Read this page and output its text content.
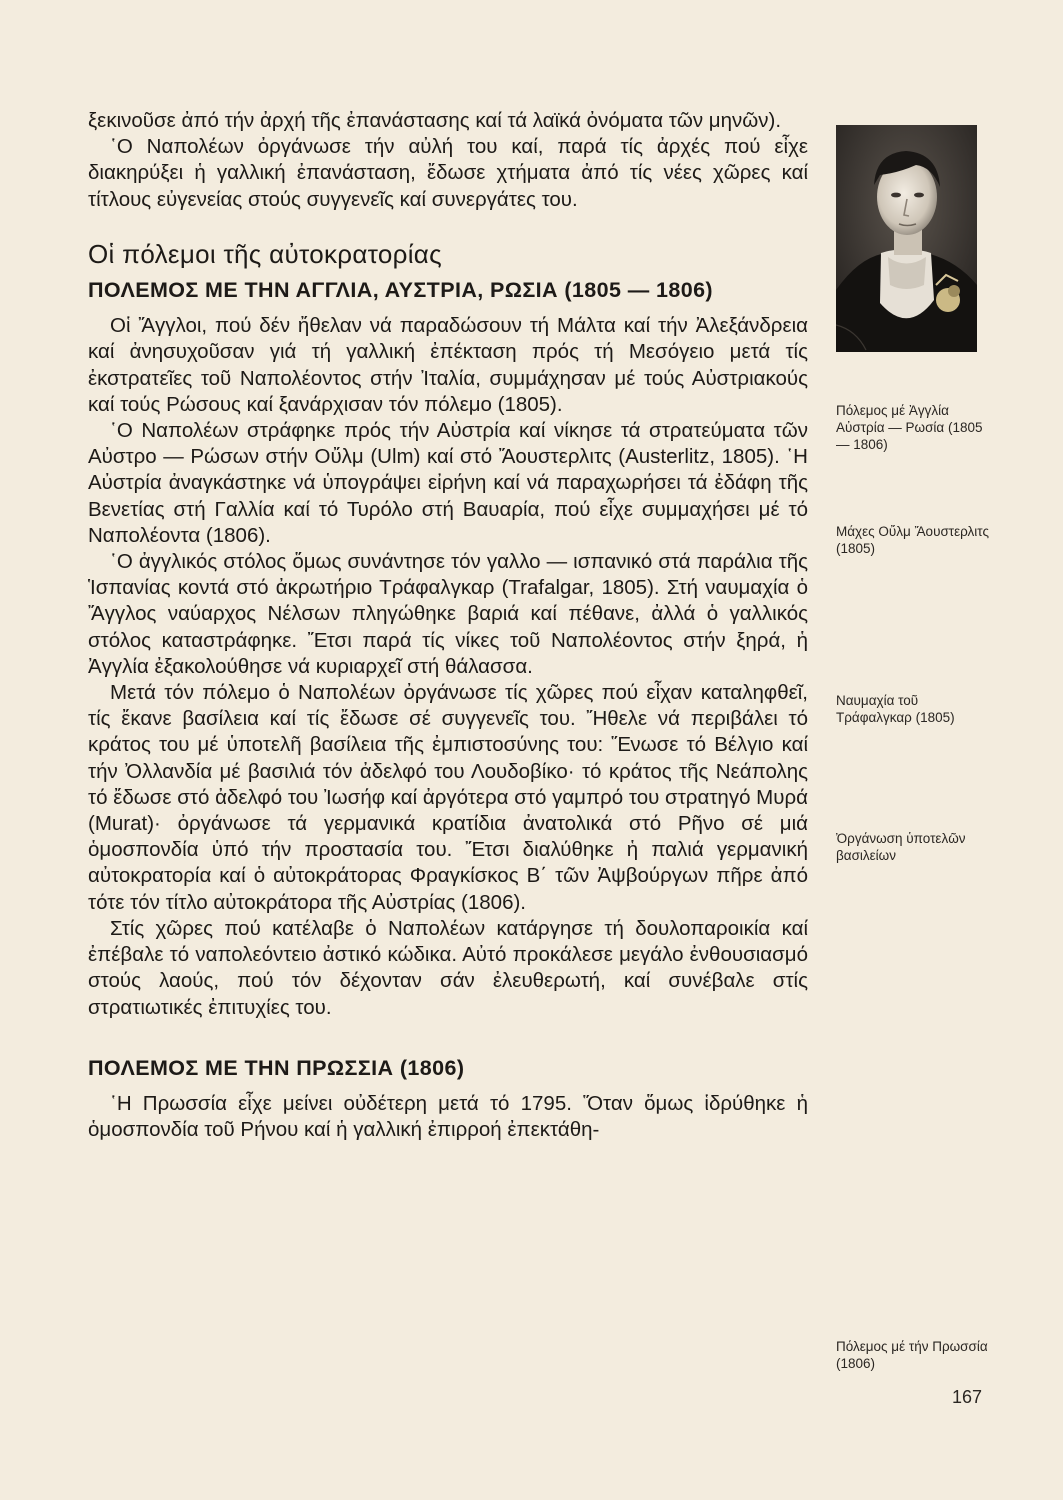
ξεκινοῦσε ἀπό τήν ἀρχή τῆς ἐπανάστασης καί τά λαϊκά ὀνόματα τῶν μηνῶν).

῾Ο Ναπολέων ὀργάνωσε τήν αὐλή του καί, παρά τίς ἀρχές πού εἶχε διακηρύξει ἡ γαλλική ἐπανάσταση, ἔδωσε χτήματα ἀπό τίς νέες χῶρες καί τίτλους εὐγενείας στούς συγγενεῖς καί συνεργάτες του.

Οἱ πόλεμοι τῆς αὐτοκρατορίας
ΠΟΛΕΜΟΣ ΜΕ ΤΗΝ ΑΓΓΛΙΑ, ΑΥΣΤΡΙΑ, ΡΩΣΙΑ (1805 — 1806)

Οἱ Ἄγγλοι, πού δέν ἤθελαν νά παραδώσουν τή Μάλτα καί τήν Ἀλεξάνδρεια καί ἀνησυχοῦσαν γιά τή γαλλική ἐπέκταση πρός τή Μεσόγειο μετά τίς ἐκστρατεῖες τοῦ Ναπολέοντος στήν Ἰταλία, συμμάχησαν μέ τούς Αὐστριακούς καί τούς Ρώσους καί ξανάρχισαν τόν πόλεμο (1805).

῾Ο Ναπολέων στράφηκε πρός τήν Αὐστρία καί νίκησε τά στρατεύματα τῶν Αὐστρο — Ρώσων στήν Οὔλμ (Ulm) καί στό Ἄουστερλιτς (Austerlitz, 1805). ῾Η Αὐστρία ἀναγκάστηκε νά ὑπογράψει εἰρήνη καί νά παραχωρήσει τά ἐδάφη τῆς Βενετίας στή Γαλλία καί τό Τυρόλο στή Βαυαρία, πού εἶχε συμμαχήσει μέ τό Ναπολέοντα (1806).

῾Ο ἀγγλικός στόλος ὅμως συνάντησε τόν γαλλο — ισπανικό στά παράλια τῆς Ἱσπανίας κοντά στό ἀκρωτήριο Τράφαλγκαρ (Trafalgar, 1805). Στή ναυμαχία ὁ Ἄγγλος ναύαρχος Νέλσων πληγώθηκε βαριά καί πέθανε, ἀλλά ὁ γαλλικός στόλος καταστράφηκε. Ἔτσι παρά τίς νίκες τοῦ Ναπολέοντος στήν ξηρά, ἡ Ἀγγλία ἐξακολούθησε νά κυριαρχεῖ στή θάλασσα.

Μετά τόν πόλεμο ὁ Ναπολέων ὀργάνωσε τίς χῶρες πού εἶχαν καταληφθεῖ, τίς ἔκανε βασίλεια καί τίς ἔδωσε σέ συγγενεῖς του. Ἤθελε νά περιβάλει τό κράτος του μέ ὑποτελῆ βασίλεια τῆς ἐμπιστοσύνης του: Ἕνωσε τό Βέλγιο καί τήν Ὀλλανδία μέ βασιλιά τόν ἀδελφό του Λουδοβίκο· τό κράτος τῆς Νεάπολης τό ἔδωσε στό ἀδελφό του Ἰωσήφ καί ἀργότερα στό γαμπρό του στρατηγό Μυρά (Murat)· ὀργάνωσε τά γερμανικά κρατίδια ἀνατολικά στό Ρῆνο σέ μιά ὁμοσπονδία ὑπό τήν προστασία του. Ἔτσι διαλύθηκε ἡ παλιά γερμανική αὐτοκρατορία καί ὁ αὐτοκράτορας Φραγκίσκος Β΄ τῶν Ἀψβούργων πῆρε ἀπό τότε τόν τίτλο αὐτοκράτορα τῆς Αὐστρίας (1806).

Στίς χῶρες πού κατέλαβε ὁ Ναπολέων κατάργησε τή δουλοπαροικία καί ἐπέβαλε τό ναπολεόντειο ἀστικό κώδικα. Αὐτό προκάλεσε μεγάλο ἐνθουσιασμό στούς λαούς, πού τόν δέχονταν σάν ἐλευθερωτή, καί συνέβαλε στίς στρατιωτικές ἐπιτυχίες του.

ΠΟΛΕΜΟΣ ΜΕ ΤΗΝ ΠΡΩΣΣΙΑ (1806)

῾Η Πρωσσία εἶχε μείνει οὐδέτερη μετά τό 1795. Ὅταν ὅμως ἱδρύθηκε ἡ ὁμοσπονδία τοῦ Ρήνου καί ἡ γαλλική ἐπιρροή ἐπεκτάθη-

Πόλεμος μέ Ἀγγλία Αὐστρία — Ρωσία (1805 — 1806)
Μάχες Οὔλμ Ἄουστερλιτς (1805)
Ναυμαχία τοῦ Τράφαλγκαρ (1805)
Ὀργάνωση ὑποτελῶν βασιλείων
Πόλεμος μέ τήν Πρωσσία (1806)
167
